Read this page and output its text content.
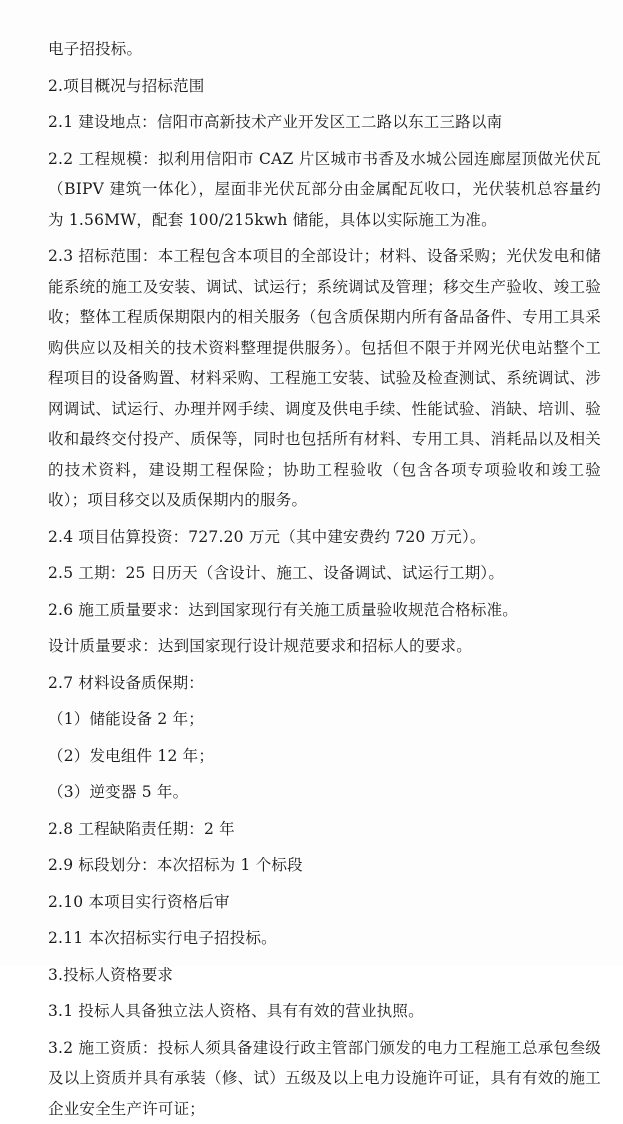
电子招投标。

2.项目概况与招标范围

2.1 建设地点：信阳市高新技术产业开发区工二路以东工三路以南

2.2 工程规模：拟利用信阳市 CAZ 片区城市书香及水城公园连廊屋顶做光伏瓦（BIPV 建筑一体化），屋面非光伏瓦部分由金属配瓦收口，光伏装机总容量约为 1.56MW，配套 100/215kwh 储能，具体以实际施工为准。

2.3 招标范围：本工程包含本项目的全部设计；材料、设备采购；光伏发电和储能系统的施工及安装、调试、试运行；系统调试及管理；移交生产验收、竣工验收；整体工程质保期限内的相关服务（包含质保期内所有备品备件、专用工具采购供应以及相关的技术资料整理提供服务）。包括但不限于并网光伏电站整个工程项目的设备购置、材料采购、工程施工安装、试验及检查测试、系统调试、涉网调试、试运行、办理并网手续、调度及供电手续、性能试验、消缺、培训、验收和最终交付投产、质保等，同时也包括所有材料、专用工具、消耗品以及相关的技术资料，建设期工程保险；协助工程验收（包含各项专项验收和竣工验收）；项目移交以及质保期内的服务。

2.4 项目估算投资：727.20 万元（其中建安费约 720 万元）。

2.5 工期：25 日历天（含设计、施工、设备调试、试运行工期）。

2.6 施工质量要求：达到国家现行有关施工质量验收规范合格标准。

设计质量要求：达到国家现行设计规范要求和招标人的要求。

2.7 材料设备质保期：

（1）储能设备 2 年；

（2）发电组件 12 年；

（3）逆变器 5 年。

2.8 工程缺陷责任期：2 年

2.9 标段划分：本次招标为 1 个标段

2.10 本项目实行资格后审

2.11 本次招标实行电子招投标。

3.投标人资格要求

3.1 投标人具备独立法人资格、具有有效的营业执照。

3.2 施工资质：投标人须具备建设行政主管部门颁发的电力工程施工总承包叁级及以上资质并具有承装（修、试）五级及以上电力设施许可证，具有有效的施工企业安全生产许可证；
